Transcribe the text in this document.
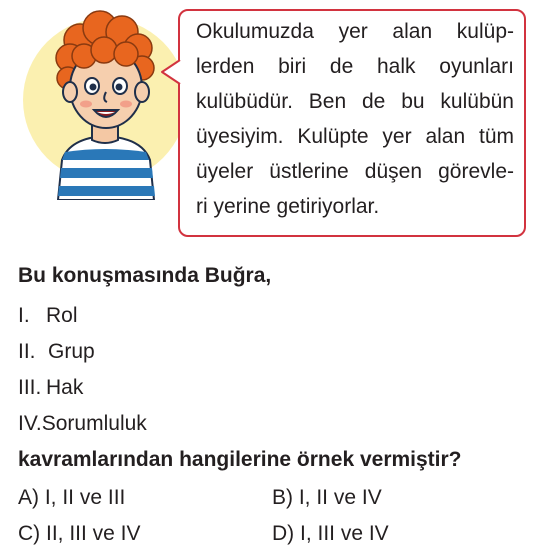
Okulumuzda yer alan kulüp-
lerden biri de halk oyunları
kulübüdür. Ben de bu kulübün
üyesiyim. Kulüpte yer alan tüm
üyeler üstlerine düşen görevle-
ri yerine getiriyorlar.

Bu konuşmasında Buğra,

I. Rol
II. Grup
III. Hak
IV.Sorumluluk

kavramlarından hangilerine örnek vermiştir?

A) I, II ve III	B) I, II ve IV
C) II, III ve IV	D) I, III ve IV
